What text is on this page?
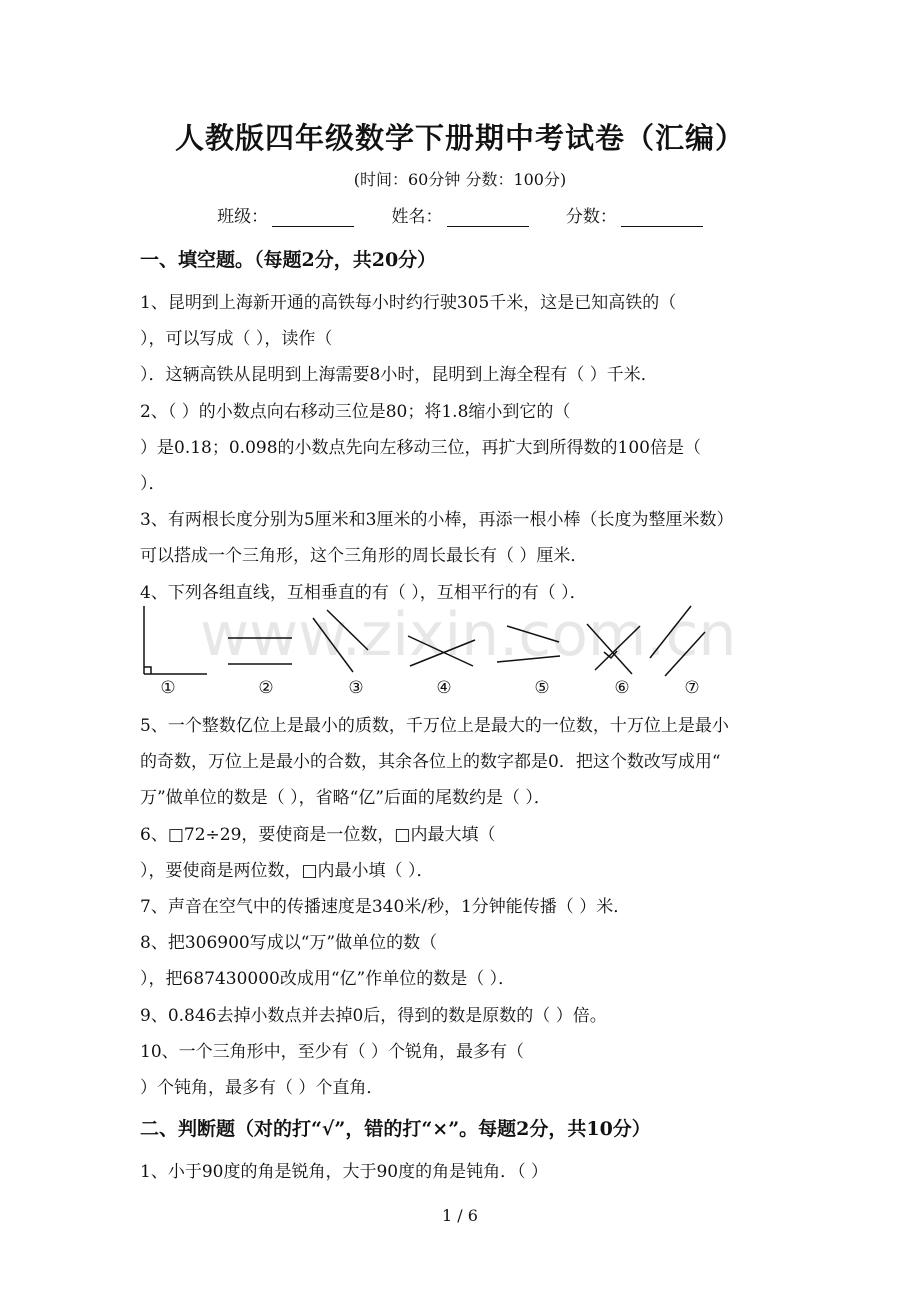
人教版四年级数学下册期中考试卷（汇编）
(时间：60分钟 分数：100分)
班级：	姓名：	分数：
一、填空题。（每题2分，共20分）
1、昆明到上海新开通的高铁每小时约行驶305千米，这是已知高铁的（
），可以写成（ ），读作（
）．这辆高铁从昆明到上海需要8小时，昆明到上海全程有（ ）千米．
2、（ ）的小数点向右移动三位是80；将1.8缩小到它的（
）是0.18；0.098的小数点先向左移动三位，再扩大到所得数的100倍是（
）．
3、有两根长度分别为5厘米和3厘米的小棒，再添一根小棒（长度为整厘米数）
可以搭成一个三角形，这个三角形的周长最长有（ ）厘米．
4、下列各组直线，互相垂直的有（ ），互相平行的有（ ）．
www.zixin.com.cn
①	②	③	④	⑤	⑥	⑦
5、一个整数亿位上是最小的质数，千万位上是最大的一位数，十万位上是最小
的奇数，万位上是最小的合数，其余各位上的数字都是0．把这个数改写成用“
万”做单位的数是（ ），省略“亿”后面的尾数约是（ ）．
6、□72÷29，要使商是一位数，□内最大填（
），要使商是两位数，□内最小填（ ）．
7、声音在空气中的传播速度是340米/秒，1分钟能传播（ ）米．
8、把306900写成以“万”做单位的数（
），把687430000改成用“亿”作单位的数是（ ）．
9、0.846去掉小数点并去掉0后，得到的数是原数的（ ）倍。
10、一个三角形中，至少有（ ）个锐角，最多有（
）个钝角，最多有（ ）个直角．
二、判断题（对的打“√”，错的打“×”。每题2分，共10分）
1、小于90度的角是锐角，大于90度的角是钝角．（ ）
1 / 6
